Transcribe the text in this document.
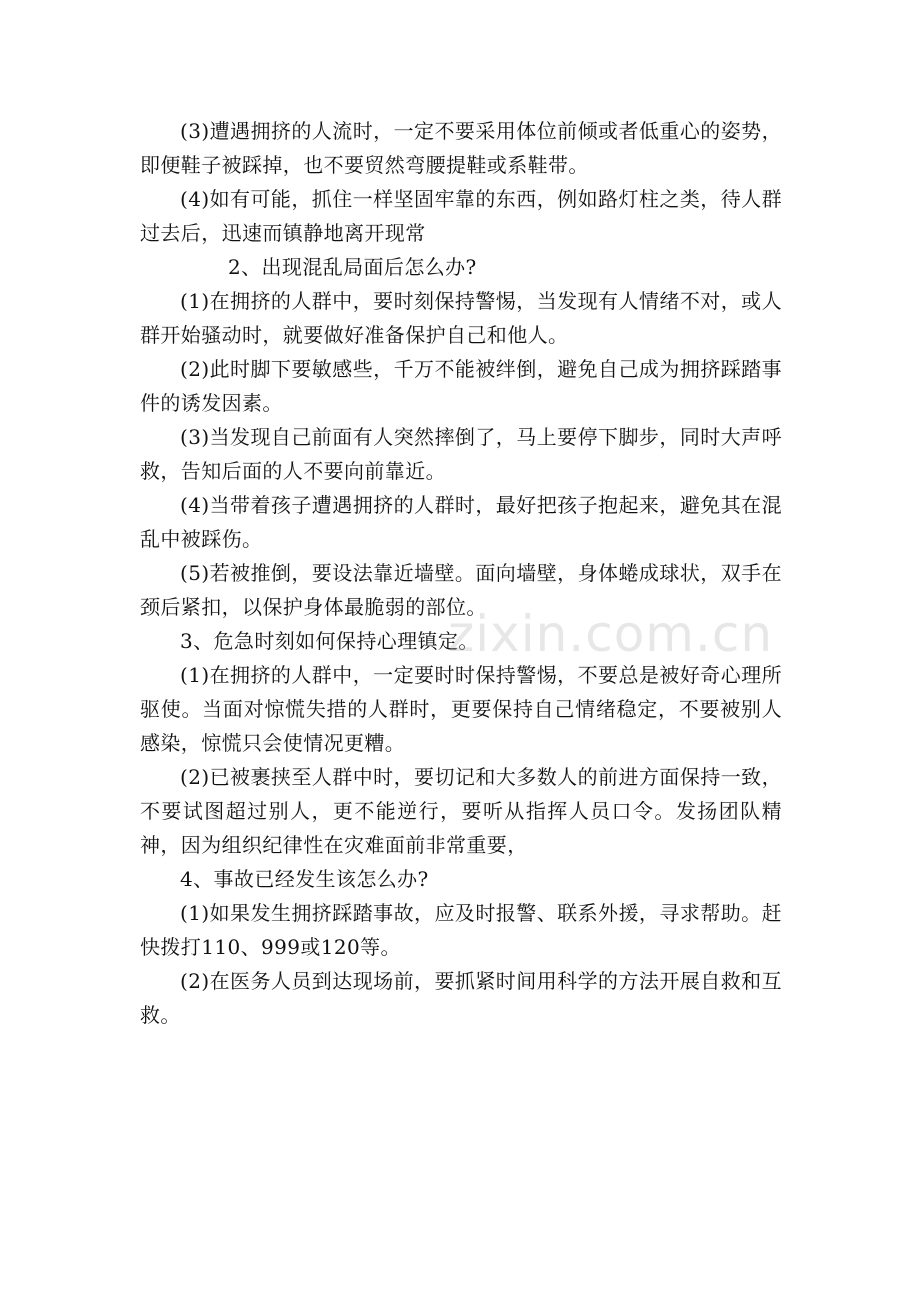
(3)遭遇拥挤的人流时，一定不要采用体位前倾或者低重心的姿势，即便鞋子被踩掉，也不要贸然弯腰提鞋或系鞋带。

(4)如有可能，抓住一样坚固牢靠的东西，例如路灯柱之类，待人群过去后，迅速而镇静地离开现常

2、出现混乱局面后怎么办?

(1)在拥挤的人群中，要时刻保持警惕，当发现有人情绪不对，或人群开始骚动时，就要做好准备保护自己和他人。

(2)此时脚下要敏感些，千万不能被绊倒，避免自己成为拥挤踩踏事件的诱发因素。

(3)当发现自己前面有人突然摔倒了，马上要停下脚步，同时大声呼救，告知后面的人不要向前靠近。

(4)当带着孩子遭遇拥挤的人群时，最好把孩子抱起来，避免其在混乱中被踩伤。

(5)若被推倒，要设法靠近墙壁。面向墙壁，身体蜷成球状，双手在颈后紧扣，以保护身体最脆弱的部位。

3、危急时刻如何保持心理镇定。

(1)在拥挤的人群中，一定要时时保持警惕，不要总是被好奇心理所驱使。当面对惊慌失措的人群时，更要保持自己情绪稳定，不要被别人感染，惊慌只会使情况更糟。

(2)已被裹挟至人群中时，要切记和大多数人的前进方面保持一致，不要试图超过别人，更不能逆行，要听从指挥人员口令。发扬团队精神，因为组织纪律性在灾难面前非常重要，

4、事故已经发生该怎么办?

(1)如果发生拥挤踩踏事故，应及时报警、联系外援，寻求帮助。赶快拨打110、999或120等。

(2)在医务人员到达现场前，要抓紧时间用科学的方法开展自救和互救。

zixin.com.cn
